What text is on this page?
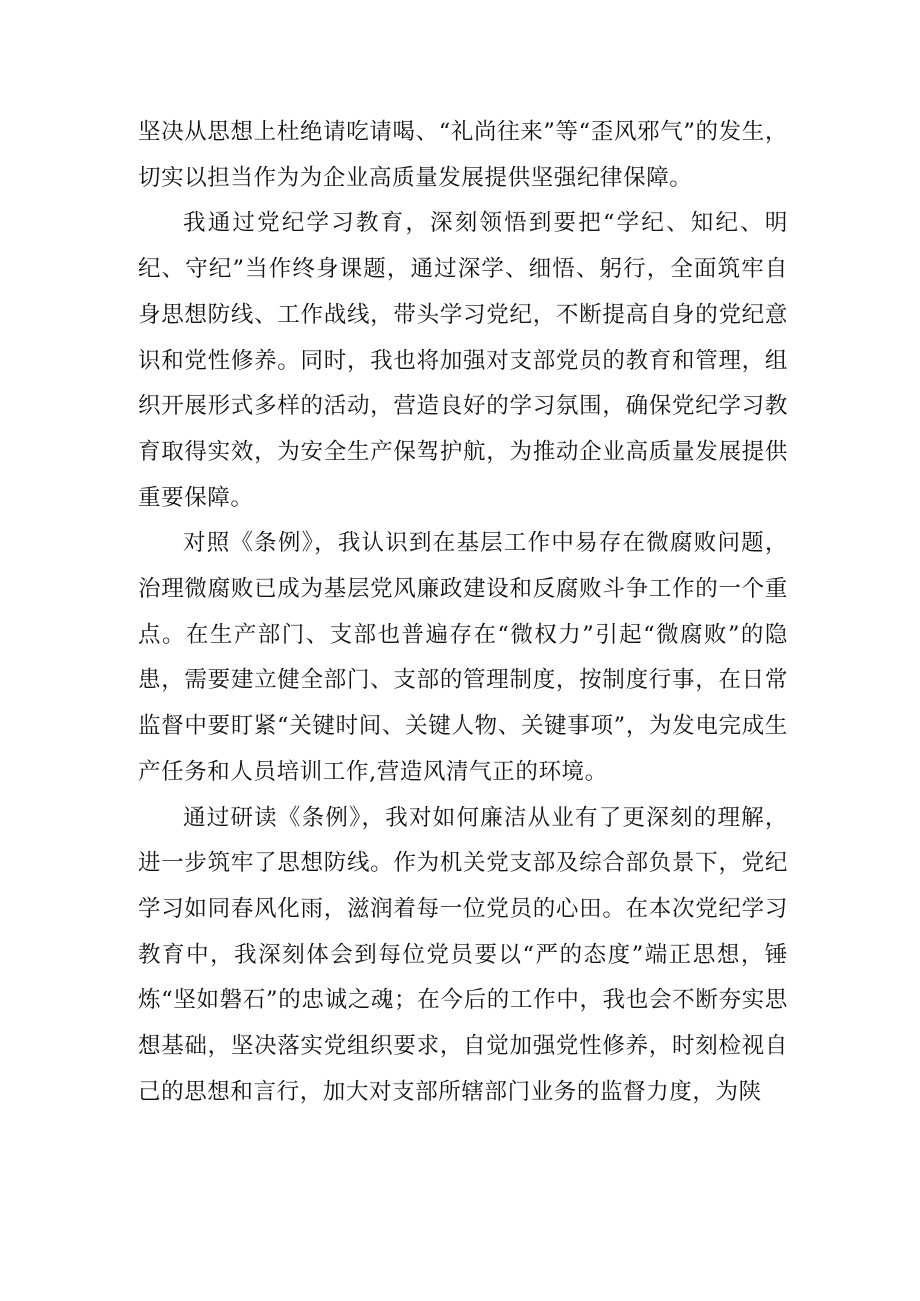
坚决从思想上杜绝请吃请喝、“礼尚往来”等“歪风邪气”的发生，切实以担当作为为企业高质量发展提供坚强纪律保障。

我通过党纪学习教育，深刻领悟到要把“学纪、知纪、明纪、守纪”当作终身课题，通过深学、细悟、躬行，全面筑牢自身思想防线、工作战线，带头学习党纪，不断提高自身的党纪意识和党性修养。同时，我也将加强对支部党员的教育和管理，组织开展形式多样的活动，营造良好的学习氛围，确保党纪学习教育取得实效，为安全生产保驾护航，为推动企业高质量发展提供重要保障。

对照《条例》，我认识到在基层工作中易存在微腐败问题，治理微腐败已成为基层党风廉政建设和反腐败斗争工作的一个重点。在生产部门、支部也普遍存在“微权力”引起“微腐败”的隐患，需要建立健全部门、支部的管理制度，按制度行事，在日常监督中要盯紧“关键时间、关键人物、关键事项”，为发电完成生产任务和人员培训工作,营造风清气正的环境。

通过研读《条例》，我对如何廉洁从业有了更深刻的理解，进一步筑牢了思想防线。作为机关党支部及综合部负景下，党纪学习如同春风化雨，滋润着每一位党员的心田。在本次党纪学习教育中，我深刻体会到每位党员要以“严的态度”端正思想，锤炼“坚如磐石”的忠诚之魂；在今后的工作中，我也会不断夯实思想基础，坚决落实党组织要求，自觉加强党性修养，时刻检视自己的思想和言行，加大对支部所辖部门业务的监督力度，为陕
